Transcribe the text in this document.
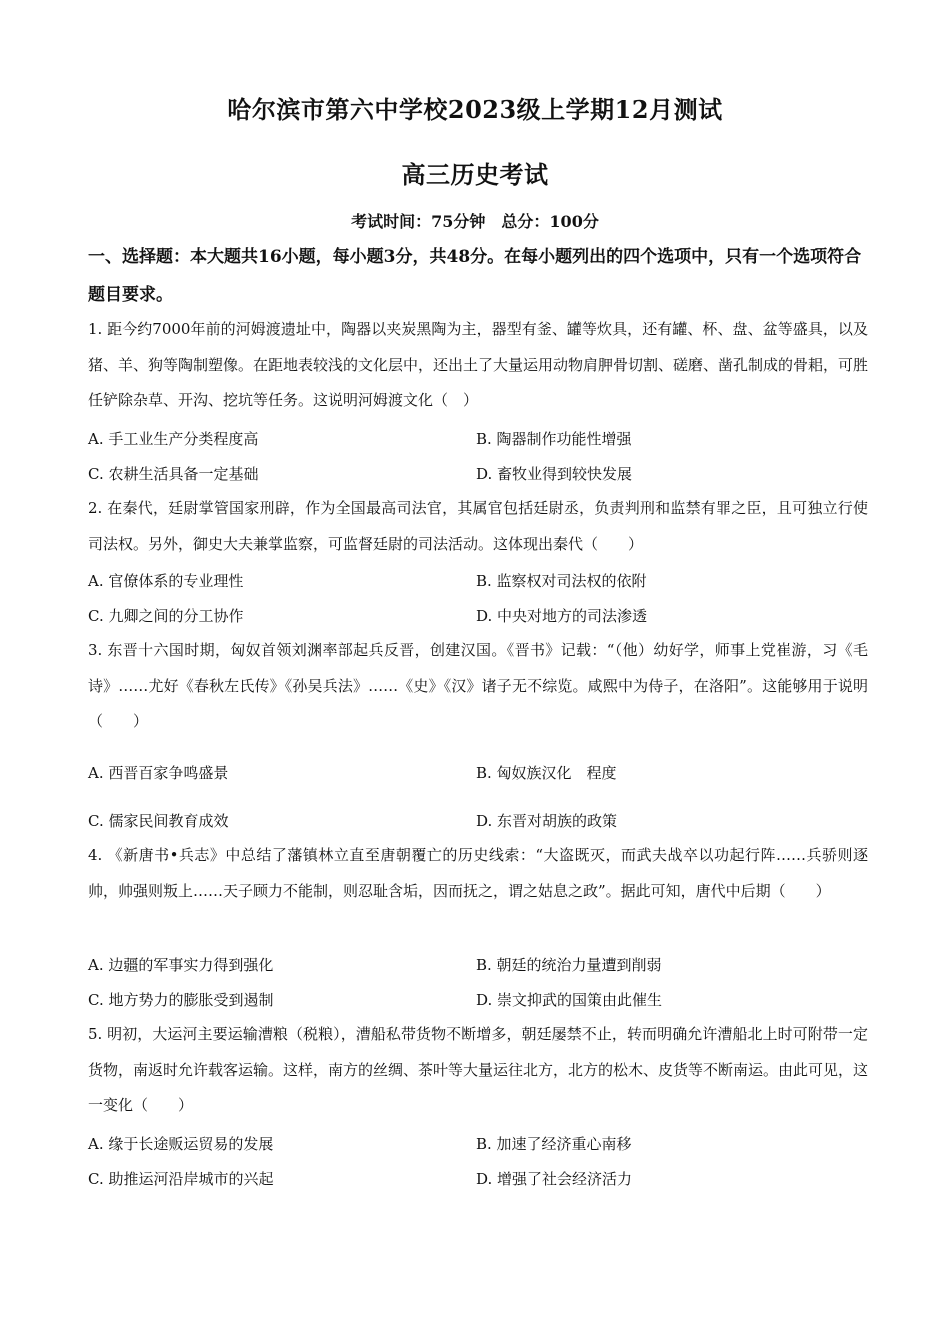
哈尔滨市第六中学校2023级上学期12月测试
高三历史考试
考试时间：75分钟　总分：100分
一、选择题：本大题共16小题，每小题3分，共48分。在每小题列出的四个选项中，只有一个选项符合题目要求。
1. 距今约7000年前的河姆渡遗址中，陶器以夹炭黑陶为主，器型有釜、罐等炊具，还有罐、杯、盘、盆等盛具，以及猪、羊、狗等陶制塑像。在距地表较浅的文化层中，还出土了大量运用动物肩胛骨切割、磋磨、凿孔制成的骨耜，可胜任铲除杂草、开沟、挖坑等任务。这说明河姆渡文化（　）
A. 手工业生产分类程度高	B. 陶器制作功能性增强
C. 农耕生活具备一定基础	D. 畜牧业得到较快发展
2. 在秦代，廷尉掌管国家刑辟，作为全国最高司法官，其属官包括廷尉丞，负责判刑和监禁有罪之臣，且可独立行使司法权。另外，御史大夫兼掌监察，可监督廷尉的司法活动。这体现出秦代（　　）
A. 官僚体系的专业理性	B. 监察权对司法权的依附
C. 九卿之间的分工协作	D. 中央对地方的司法渗透
3. 东晋十六国时期，匈奴首领刘渊率部起兵反晋，创建汉国。《晋书》记载：“（他）幼好学，师事上党崔游，习《毛诗》……尤好《春秋左氏传》《孙吴兵法》……《史》《汉》诸子无不综览。咸熙中为侍子，在洛阳”。这能够用于说明（　　）
A. 西晋百家争鸣盛景	B. 匈奴族汉化　程度
C. 儒家民间教育成效	D. 东晋对胡族的政策
4. 《新唐书•兵志》中总结了藩镇林立直至唐朝覆亡的历史线索：“大盗既灭，而武夫战卒以功起行阵……兵骄则逐帅，帅强则叛上……天子顾力不能制，则忍耻含垢，因而抚之，谓之姑息之政”。据此可知，唐代中后期（　　）
A. 边疆的军事实力得到强化	B. 朝廷的统治力量遭到削弱
C. 地方势力的膨胀受到遏制	D. 崇文抑武的国策由此催生
5. 明初，大运河主要运输漕粮（税粮），漕船私带货物不断增多，朝廷屡禁不止，转而明确允许漕船北上时可附带一定货物，南返时允许载客运输。这样，南方的丝绸、茶叶等大量运往北方，北方的松木、皮货等不断南运。由此可见，这一变化（　　）
A. 缘于长途贩运贸易的发展	B. 加速了经济重心南移
C. 助推运河沿岸城市的兴起	D. 增强了社会经济活力
